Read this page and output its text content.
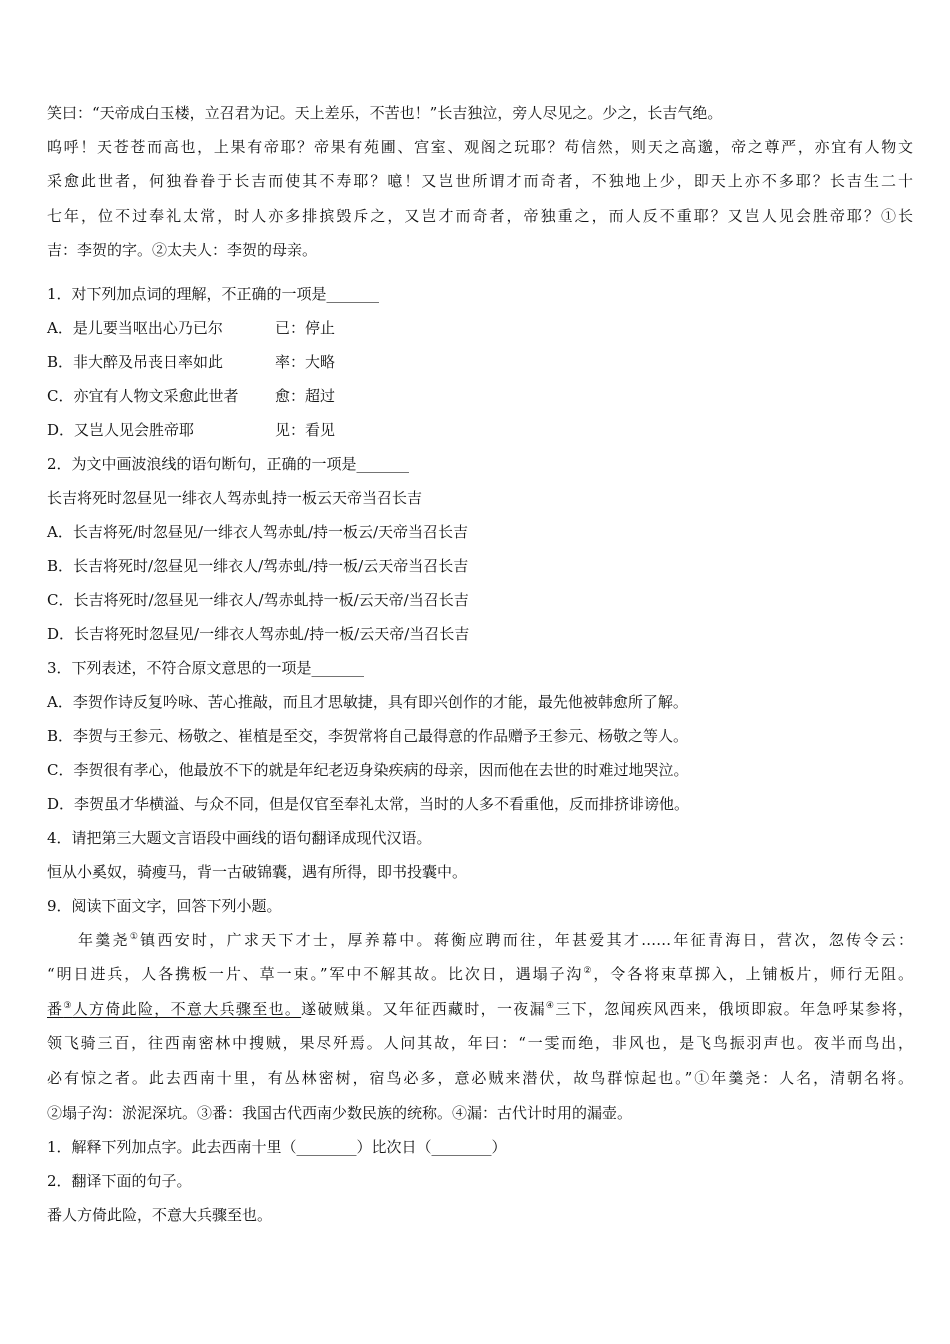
笑曰：“天帝成白玉楼，立召君为记。天上差乐，不苦也！”长吉独泣，旁人尽见之。少之，长吉气绝。
呜呼！天苍苍而高也，上果有帝耶？帝果有苑圃、宫室、观阁之玩耶？苟信然，则天之高邈，帝之尊严，亦宜有人物文
采愈此世者，何独眷眷于长吉而使其不寿耶？噫！又岂世所谓才而奇者，不独地上少，即天上亦不多耶？长吉生二十
七年，位不过奉礼太常，时人亦多排摈毁斥之，又岂才而奇者，帝独重之，而人反不重耶？又岂人见会胜帝耶？①长
吉：李贺的字。②太夫人：李贺的母亲。
1．对下列加点词的理解，不正确的一项是_______
A．是儿要当呕出心乃已尔	已：停止
B．非大醉及吊丧日率如此	率：大略
C．亦宜有人物文采愈此世者 愈：超过
D．又岂人见会胜帝耶	见：看见
2．为文中画波浪线的语句断句，正确的一项是_______
长吉将死时忽昼见一绯衣人驾赤虬持一板云天帝当召长吉
A．长吉将死/时忽昼见/一绯衣人驾赤虬/持一板云/天帝当召长吉
B．长吉将死时/忽昼见一绯衣人/驾赤虬/持一板/云天帝当召长吉
C．长吉将死时/忽昼见一绯衣人/驾赤虬持一板/云天帝/当召长吉
D．长吉将死时忽昼见/一绯衣人驾赤虬/持一板/云天帝/当召长吉
3．下列表述，不符合原文意思的一项是_______
A．李贺作诗反复吟咏、苦心推敲，而且才思敏捷，具有即兴创作的才能，最先他被韩愈所了解。
B．李贺与王参元、杨敬之、崔植是至交，李贺常将自己最得意的作品赠予王参元、杨敬之等人。
C．李贺很有孝心，他最放不下的就是年纪老迈身染疾病的母亲，因而他在去世的时难过地哭泣。
D．李贺虽才华横溢、与众不同，但是仅官至奉礼太常，当时的人多不看重他，反而排挤诽谤他。
4．请把第三大题文言语段中画线的语句翻译成现代汉语。
恒从小奚奴，骑瘦马，背一古破锦囊，遇有所得，即书投囊中。
9．阅读下面文字，回答下列小题。
年羹尧①镇西安时，广求天下才士，厚养幕中。蒋衡应聘而往，年甚爱其才……年征青海日，营次，忽传令云：
“明日进兵，人各携板一片、草一束。”军中不解其故。比次日，遇塌子沟②，令各将束草掷入，上铺板片，师行无阻。
番③人方倚此险，不意大兵骤至也。遂破贼巢。又年征西藏时，一夜漏④三下，忽闻疾风西来，俄顷即寂。年急呼某参将，
领飞骑三百，往西南密林中搜贼，果尽歼焉。人问其故，年曰：“一雯而绝，非风也，是飞鸟振羽声也。夜半而鸟出，
必有惊之者。此去西南十里，有丛林密树，宿鸟必多，意必贼来潜伏，故鸟群惊起也。”①年羹尧：人名，清朝名将。
②塌子沟：淤泥深坑。③番：我国古代西南少数民族的统称。④漏：古代计时用的漏壶。
1．解释下列加点字。此去西南十里（________）比次日（________）
2．翻译下面的句子。
番人方倚此险，不意大兵骤至也。
